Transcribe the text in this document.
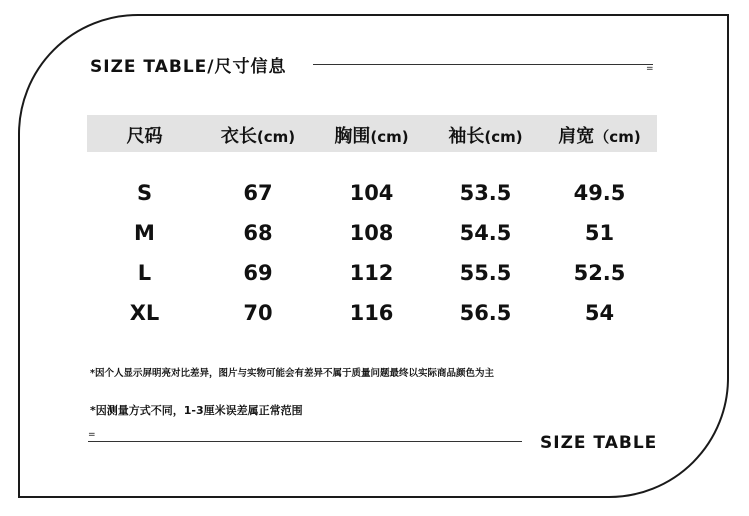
SIZE TABLE/尺寸信息	=
尺码	衣长(cm)	胸围(cm)	袖长(cm)	肩宽（cm)
S	67	104	53.5	49.5
M	68	108	54.5	51
L	69	112	55.5	52.5
XL	70	116	56.5	54
*因个人显示屏明亮对比差异，图片与实物可能会有差异不属于质量问题最终以实际商品颜色为主
*因测量方式不同，1-3厘米误差属正常范围
=	SIZE TABLE
